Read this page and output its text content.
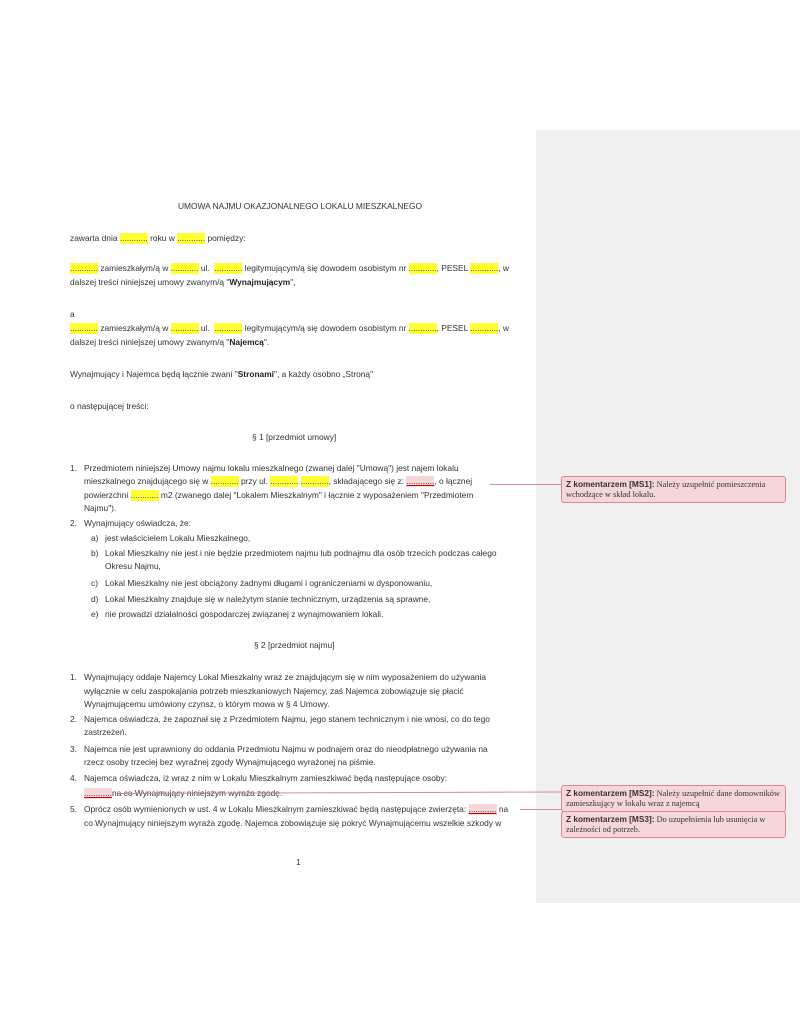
UMOWA NAJMU OKAZJONALNEGO LOKALU MIESZKALNEGO
zawarta dnia ............ roku w ............ pomiędzy:
............ zamieszkałym/ą w ............ ul.  ............ legitymującym/ą się dowodem osobistym nr ............, PESEL ............, w
dalszej treści niniejszej umowy zwanym/ą "Wynajmującym",
a
............ zamieszkałym/ą w ............ ul.  ............ legitymującym/ą się dowodem osobistym nr ............, PESEL ............, w
dalszej treści niniejszej umowy zwanym/ą "Najemcą".
Wynajmujący i Najemca będą łącznie zwani "Stronami", a każdy osobno „Stroną"
o następującej treści:
§ 1 [przedmiot umowy]
1. Przedmiotem niniejszej Umowy najmu lokalu mieszkalnego (zwanej dalej "Umową") jest najem lokalu
mieszkalnego znajdującego się w ............ przy ul. ............ ............, składającego się z: ............, o łącznej
powierzchni ............ m2 (zwanego dalej "Lokalem Mieszkalnym" i łącznie z wyposażeniem "Przedmiotem
Najmu").
2. Wynajmujący oświadcza, że:
a) jest właścicielem Lokalu Mieszkalnego,
b) Lokal Mieszkalny nie jest i nie będzie przedmiotem najmu lub podnajmu dla osób trzecich podczas całego
Okresu Najmu,
c) Lokal Mieszkalny nie jest obciążony żadnymi długami i ograniczeniami w dysponowaniu,
d) Lokal Mieszkalny znajduje się w należytym stanie technicznym, urządzenia są sprawne,
e) nie prowadzi działalności gospodarczej związanej z wynajmowaniem lokali.
§ 2 [przedmiot najmu]
1. Wynajmujący oddaje Najemcy Lokal Mieszkalny wraz ze znajdującym się w nim wyposażeniem do używania
wyłącznie w celu zaspokajania potrzeb mieszkaniowych Najemcy, zaś Najemca zobowiązuje się płacić
Wynajmującemu umówiony czynsz, o którym mowa w § 4 Umowy.
2. Najemca oświadcza, że zapoznał się z Przedmiotem Najmu, jego stanem technicznym i nie wnosi, co do tego
zastrzeżeń.
3. Najemca nie jest uprawniony do oddania Przedmiotu Najmu w podnajem oraz do nieodpłatnego używania na
rzecz osoby trzeciej bez wyraźnej zgody Wynajmującego wyrażonej na piśmie.
4. Najemca oświadcza, iż wraz z nim w Lokalu Mieszkalnym zamieszkiwać będą następujące osoby:
............na co Wynajmujący niniejszym wyraża zgodę.
5. Oprócz osób wymienionych w ust. 4 w Lokalu Mieszkalnym zamieszkiwać będą następujące zwierzęta: ............ na
co Wynajmujący niniejszym wyraża zgodę. Najemca zobowiązuje się pokryć Wynajmującemu wszelkie szkody w
1
Z komentarzem [MS1]: Należy uzupełnić pomieszczenia wchodzące w skład lokalu.
Z komentarzem [MS2]: Należy uzupełnić dane domowników zamieszkujący w lokalu wraz z najemcą
Z komentarzem [MS3]: Do uzupełnienia lub usunięcia w zależności od potrzeb.
